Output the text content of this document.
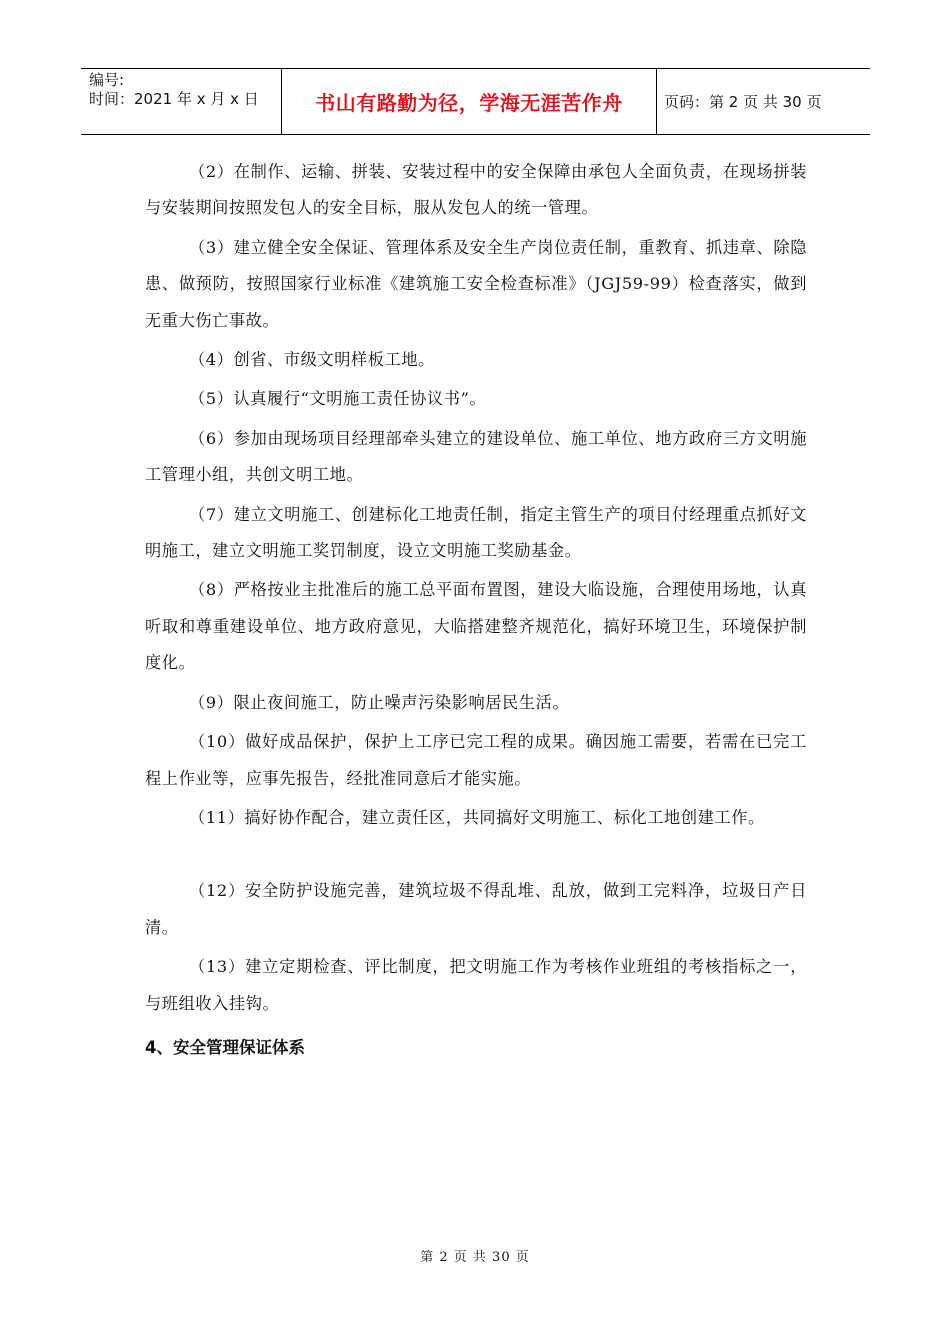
编号:
时间：2021 年 x 月 x 日	书山有路勤为径，学海无涯苦作舟	页码：第 2 页 共 30 页

（2）在制作、运输、拼装、安装过程中的安全保障由承包人全面负责，在现场拼装与安装期间按照发包人的安全目标，服从发包人的统一管理。

（3）建立健全安全保证、管理体系及安全生产岗位责任制，重教育、抓违章、除隐患、做预防，按照国家行业标准《建筑施工安全检查标准》（JGJ59-99）检查落实，做到无重大伤亡事故。

（4）创省、市级文明样板工地。

（5）认真履行“文明施工责任协议书”。

（6）参加由现场项目经理部牵头建立的建设单位、施工单位、地方政府三方文明施工管理小组，共创文明工地。

（7）建立文明施工、创建标化工地责任制，指定主管生产的项目付经理重点抓好文明施工，建立文明施工奖罚制度，设立文明施工奖励基金。

（8）严格按业主批准后的施工总平面布置图，建设大临设施，合理使用场地，认真听取和尊重建设单位、地方政府意见，大临搭建整齐规范化，搞好环境卫生，环境保护制度化。

（9）限止夜间施工，防止噪声污染影响居民生活。

（10）做好成品保护，保护上工序已完工程的成果。确因施工需要，若需在已完工程上作业等，应事先报告，经批准同意后才能实施。

（11）搞好协作配合，建立责任区，共同搞好文明施工、标化工地创建工作。

（12）安全防护设施完善，建筑垃圾不得乱堆、乱放，做到工完料净，垃圾日产日清。

（13）建立定期检查、评比制度，把文明施工作为考核作业班组的考核指标之一，与班组收入挂钩。

4、安全管理保证体系
第 2 页 共 30 页
